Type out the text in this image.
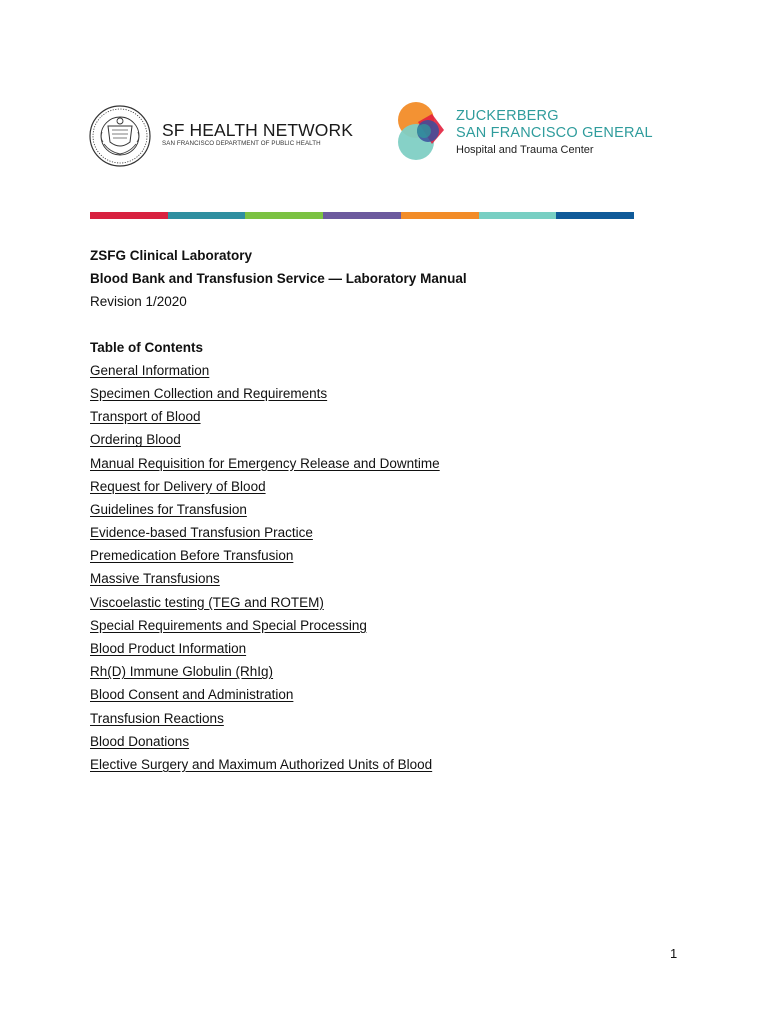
SF HEALTH NETWORK
SAN FRANCISCO DEPARTMENT OF PUBLIC HEALTH
ZUCKERBERG
SAN FRANCISCO GENERAL
Hospital and Trauma Center
ZSFG Clinical Laboratory
Blood Bank and Transfusion Service — Laboratory Manual
Revision 1/2020
Table of Contents
General Information
Specimen Collection and Requirements
Transport of Blood
Ordering Blood
Manual Requisition for Emergency Release and Downtime
Request for Delivery of Blood
Guidelines for Transfusion
Evidence-based Transfusion Practice
Premedication Before Transfusion
Massive Transfusions
Viscoelastic testing (TEG and ROTEM)
Special Requirements and Special Processing
Blood Product Information
Rh(D) Immune Globulin (RhIg)
Blood Consent and Administration
Transfusion Reactions
Blood Donations
Elective Surgery and Maximum Authorized Units of Blood
1
